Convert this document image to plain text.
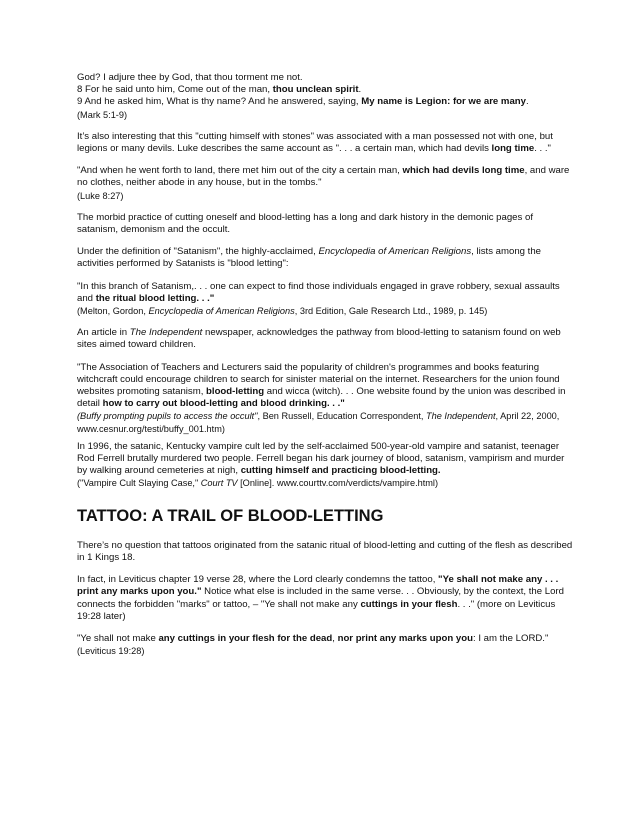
God? I adjure thee by God, that thou torment me not.

8 For he said unto him, Come out of the man, thou unclean spirit.

9 And he asked him, What is thy name? And he answered, saying, My name is Legion: for we are many.

(Mark 5:1-9)

It’s also interesting that this "cutting himself with stones" was associated with a man possessed not with one, but legions or many devils. Luke describes the same account as ". . . a certain man, which had devils long time. . ."

"And when he went forth to land, there met him out of the city a certain man, which had devils long time, and ware no clothes, neither abode in any house, but in the tombs."

(Luke 8:27)

The morbid practice of cutting oneself and blood-letting has a long and dark history in the demonic pages of satanism, demonism and the occult.

Under the definition of "Satanism", the highly-acclaimed, Encyclopedia of American Religions, lists among the activities performed by Satanists is "blood letting":

"In this branch of Satanism,. . . one can expect to find those individuals engaged in grave robbery, sexual assaults and the ritual blood letting. . ."

(Melton, Gordon, Encyclopedia of American Religions, 3rd Edition, Gale Research Ltd., 1989, p. 145)

An article in The Independent newspaper, acknowledges the pathway from blood-letting to satanism found on web sites aimed toward children.

"The Association of Teachers and Lecturers said the popularity of children's programmes and books featuring witchcraft could encourage children to search for sinister material on the internet. Researchers for the union found websites promoting satanism, blood-letting and wicca (witch). . . One website found by the union was described in detail how to carry out blood-letting and blood drinking. . ."

(Buffy prompting pupils to access the occult", Ben Russell, Education Correspondent, The Independent, April 22, 2000, www.cesnur.org/testi/buffy_001.htm)

In 1996, the satanic, Kentucky vampire cult led by the self-acclaimed 500-year-old vampire and satanist, teenager Rod Ferrell brutally murdered two people. Ferrell began his dark journey of blood, satanism, vampirism and murder by walking around cemeteries at nigh, cutting himself and practicing blood-letting.

("Vampire Cult Slaying Case," Court TV [Online]. www.courttv.com/verdicts/vampire.html)

TATTOO: A TRAIL OF BLOOD-LETTING

There’s no question that tattoos originated from the satanic ritual of blood-letting and cutting of the flesh as described in 1 Kings 18.

In fact, in Leviticus chapter 19 verse 28, where the Lord clearly condemns the tattoo, "Ye shall not make any . . . print any marks upon you." Notice what else is included in the same verse. . . Obviously, by the context, the Lord connects the forbidden "marks" or tattoo, – "Ye shall not make any cuttings in your flesh. . ." (more on Leviticus 19:28 later)

"Ye shall not make any cuttings in your flesh for the dead, nor print any marks upon you: I am the LORD."

(Leviticus 19:28)
